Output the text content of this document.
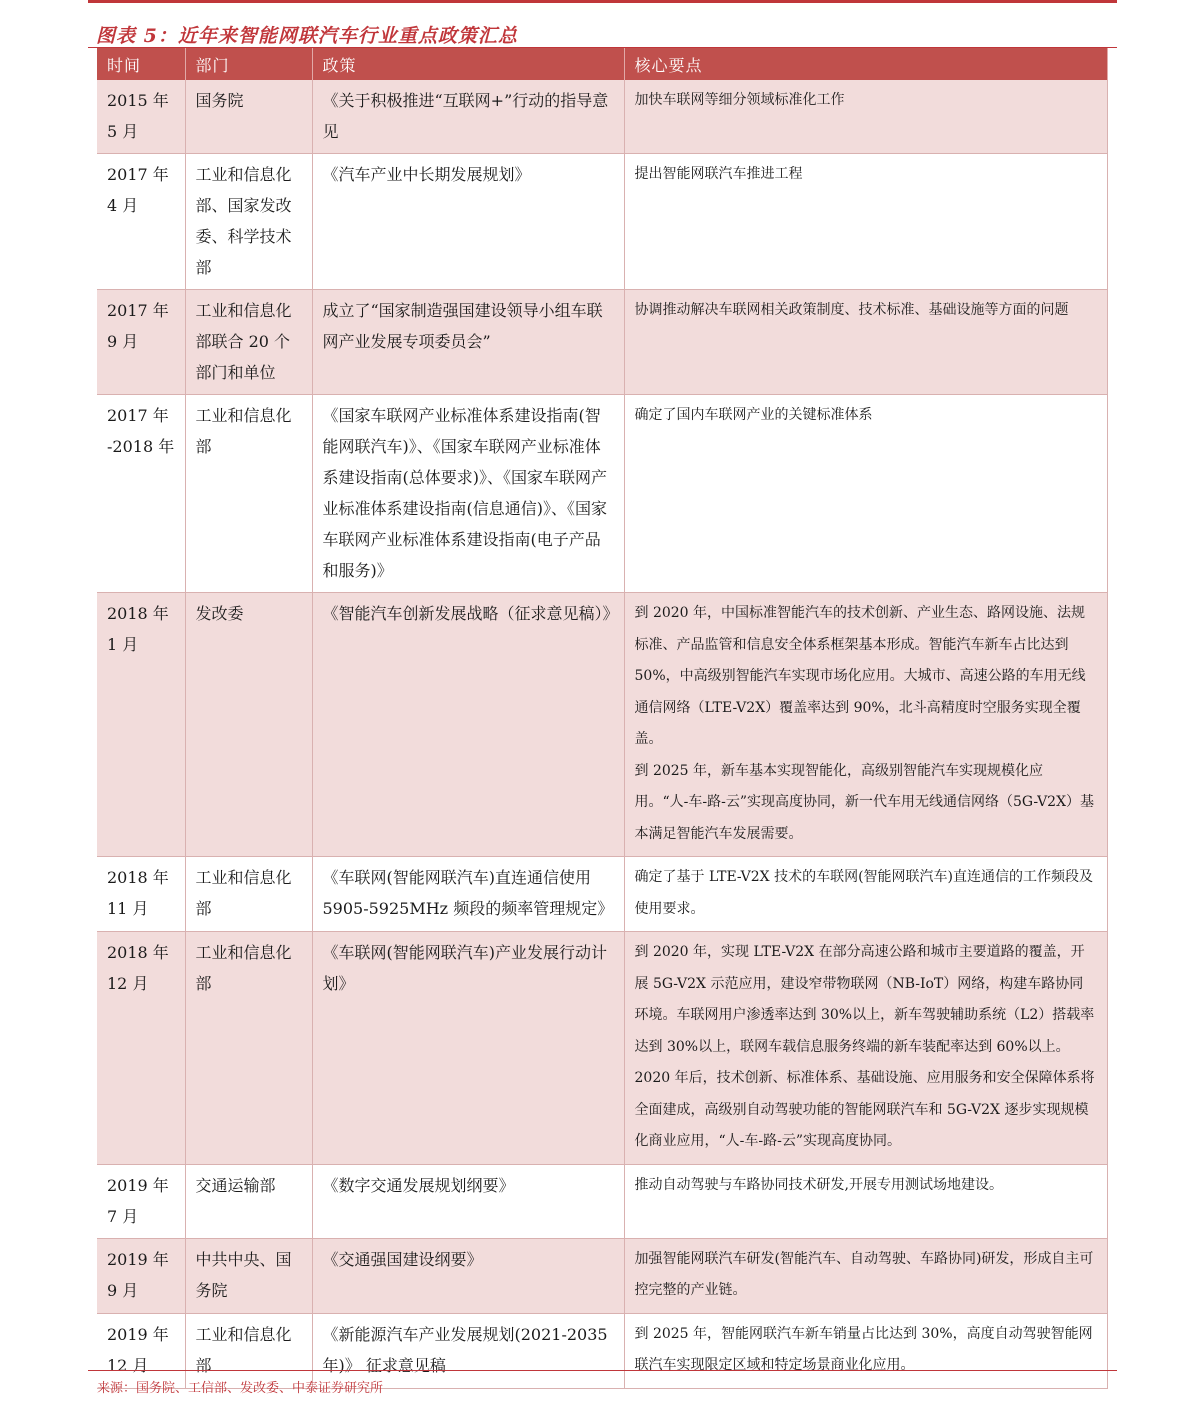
图表 5：近年来智能网联汽车行业重点政策汇总
时间	部门	政策	核心要点
2015 年 5 月	国务院	《关于积极推进“互联网+”行动的指导意见	加快车联网等细分领域标准化工作

2017 年 4 月	工业和信息化部、国家发改委、科学技术部	《汽车产业中长期发展规划》	提出智能网联汽车推进工程

2017 年 9 月	工业和信息化部联合 20 个部门和单位	成立了“国家制造强国建设领导小组车联网产业发展专项委员会”	协调推动解决车联网相关政策制度、技术标准、基础设施等方面的问题

2017 年 -2018 年	工业和信息化部	《国家车联网产业标准体系建设指南(智能网联汽车)》、《国家车联网产业标准体系建设指南(总体要求)》、《国家车联网产业标准体系建设指南(信息通信)》、《国家车联网产业标准体系建设指南(电子产品和服务)》	确定了国内车联网产业的关键标准体系

2018 年 1 月	发改委	《智能汽车创新发展战略（征求意见稿）》	到 2020 年，中国标准智能汽车的技术创新、产业生态、路网设施、法规标准、产品监管和信息安全体系框架基本形成。智能汽车新车占比达到 50%，中高级别智能汽车实现市场化应用。大城市、高速公路的车用无线通信网络（LTE-V2X）覆盖率达到 90%，北斗高精度时空服务实现全覆盖。
到 2025 年，新车基本实现智能化，高级别智能汽车实现规模化应用。“人-车-路-云”实现高度协同，新一代车用无线通信网络（5G-V2X）基本满足智能汽车发展需要。

2018 年 11 月	工业和信息化部	《车联网(智能网联汽车)直连通信使用 5905-5925MHz 频段的频率管理规定》	确定了基于 LTE-V2X 技术的车联网(智能网联汽车)直连通信的工作频段及使用要求。

2018 年 12 月	工业和信息化部	《车联网(智能网联汽车)产业发展行动计划》	到 2020 年，实现 LTE-V2X 在部分高速公路和城市主要道路的覆盖，开展 5G-V2X 示范应用，建设窄带物联网（NB-IoT）网络，构建车路协同环境。车联网用户渗透率达到 30%以上，新车驾驶辅助系统（L2）搭载率达到 30%以上，联网车载信息服务终端的新车装配率达到 60%以上。
2020 年后，技术创新、标准体系、基础设施、应用服务和安全保障体系将全面建成，高级别自动驾驶功能的智能网联汽车和 5G-V2X 逐步实现规模化商业应用，“人-车-路-云”实现高度协同。

2019 年 7 月	交通运输部	《数字交通发展规划纲要》	推动自动驾驶与车路协同技术研发,开展专用测试场地建设。

2019 年 9 月	中共中央、国务院	《交通强国建设纲要》	加强智能网联汽车研发(智能汽车、自动驾驶、车路协同)研发，形成自主可控完整的产业链。

2019 年 12 月	工业和信息化部	《新能源汽车产业发展规划(2021-2035 年)》 征求意见稿	到 2025 年，智能网联汽车新车销量占比达到 30%，高度自动驾驶智能网联汽车实现限定区域和特定场景商业化应用。
来源：国务院、工信部、发改委、中泰证券研究所
